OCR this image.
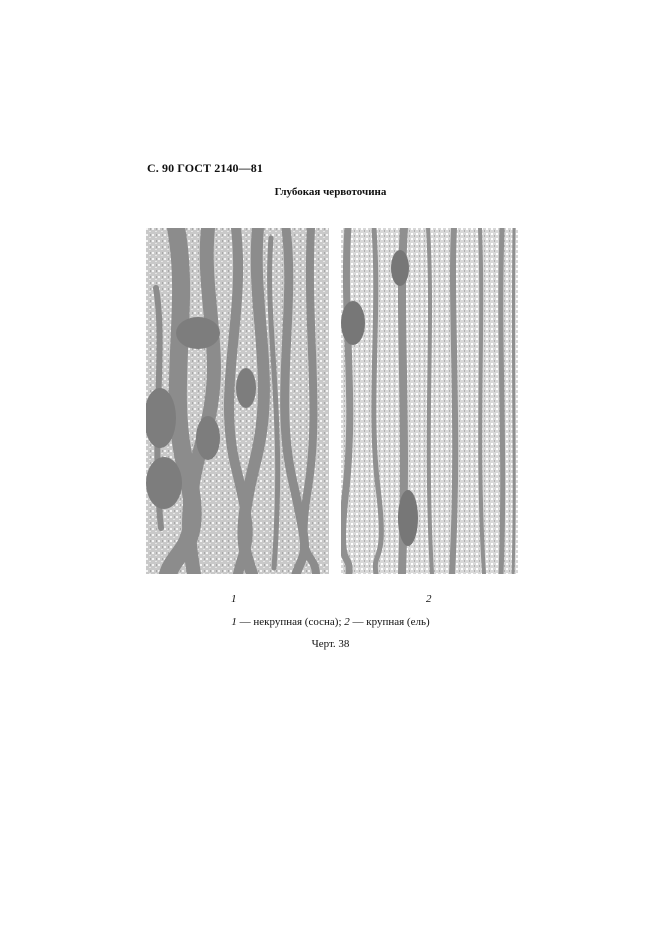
С. 90 ГОСТ 2140—81
Глубокая червоточина
1	2
1 — некрупная (сосна); 2 — крупная (ель)
Черт. 38
